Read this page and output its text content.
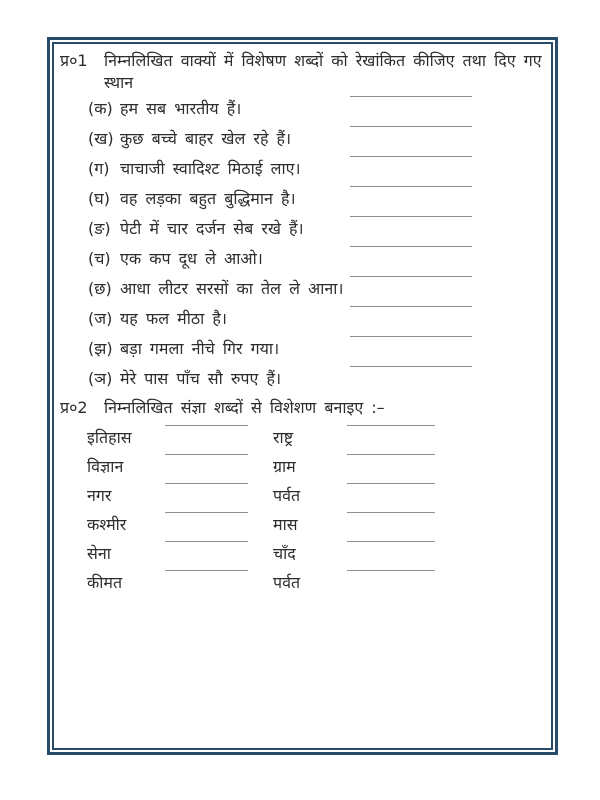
प्र०1	निम्नलिखित वाक्यों में विशेषण शब्दों को रेखांकित कीजिए तथा दिए गए स्थान
(क) हम सब भारतीय हैं।
(ख) कुछ बच्चे बाहर खेल रहे हैं।
(ग) चाचाजी स्वादिश्ट मिठाई लाए।
(घ) वह लड़का बहुत बुद्धिमान है।
(ङ) पेटी में चार दर्जन सेब रखे हैं।
(च) एक कप दूध ले आओ।
(छ) आधा लीटर सरसों का तेल ले आना।
(ज) यह फल मीठा है।
(झ) बड़ा गमला नीचे गिर गया।
(ञ) मेरे पास पाँच सौ रुपए हैं।
प्र०2	निम्नलिखित संज्ञा शब्दों से विशेशण बनाइए :–
इतिहास	राष्ट्र
विज्ञान	ग्राम
नगर	पर्वत
कश्मीर	मास
सेना	चाँद
कीमत	पर्वत
